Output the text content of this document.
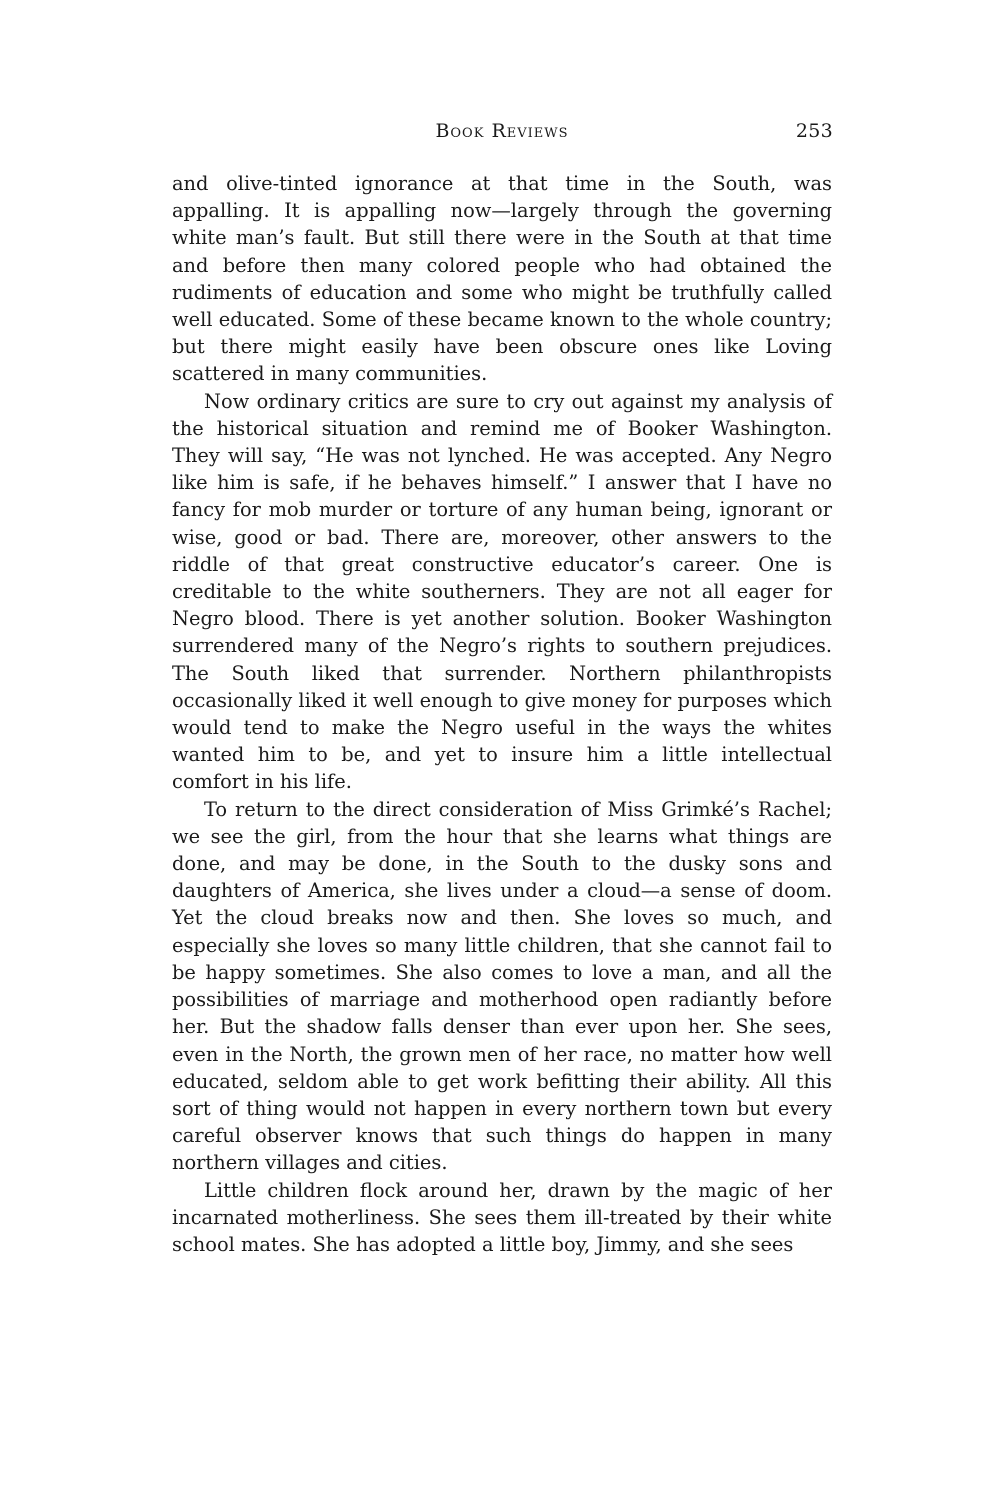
Book Reviews	253

and olive-tinted ignorance at that time in the South, was appalling. It is appalling now—largely through the governing white man’s fault. But still there were in the South at that time and before then many colored people who had obtained the rudiments of education and some who might be truthfully called well educated. Some of these became known to the whole country; but there might easily have been obscure ones like Loving scattered in many communities.

Now ordinary critics are sure to cry out against my analysis of the historical situation and remind me of Booker Washington. They will say, “He was not lynched. He was accepted. Any Negro like him is safe, if he behaves himself.” I answer that I have no fancy for mob murder or torture of any human being, ignorant or wise, good or bad. There are, moreover, other answers to the riddle of that great constructive educator’s career. One is creditable to the white southerners. They are not all eager for Negro blood. There is yet another solution. Booker Washington surrendered many of the Negro’s rights to southern prejudices. The South liked that surrender. Northern philanthropists occasionally liked it well enough to give money for purposes which would tend to make the Negro useful in the ways the whites wanted him to be, and yet to insure him a little intellectual comfort in his life.

To return to the direct consideration of Miss Grimké’s Rachel; we see the girl, from the hour that she learns what things are done, and may be done, in the South to the dusky sons and daughters of America, she lives under a cloud—a sense of doom. Yet the cloud breaks now and then. She loves so much, and especially she loves so many little children, that she cannot fail to be happy sometimes. She also comes to love a man, and all the possibilities of marriage and motherhood open radiantly before her. But the shadow falls denser than ever upon her. She sees, even in the North, the grown men of her race, no matter how well educated, seldom able to get work befitting their ability. All this sort of thing would not happen in every northern town but every careful observer knows that such things do happen in many northern villages and cities.

Little children flock around her, drawn by the magic of her incarnated motherliness. She sees them ill-treated by their white school mates. She has adopted a little boy, Jimmy, and she sees
